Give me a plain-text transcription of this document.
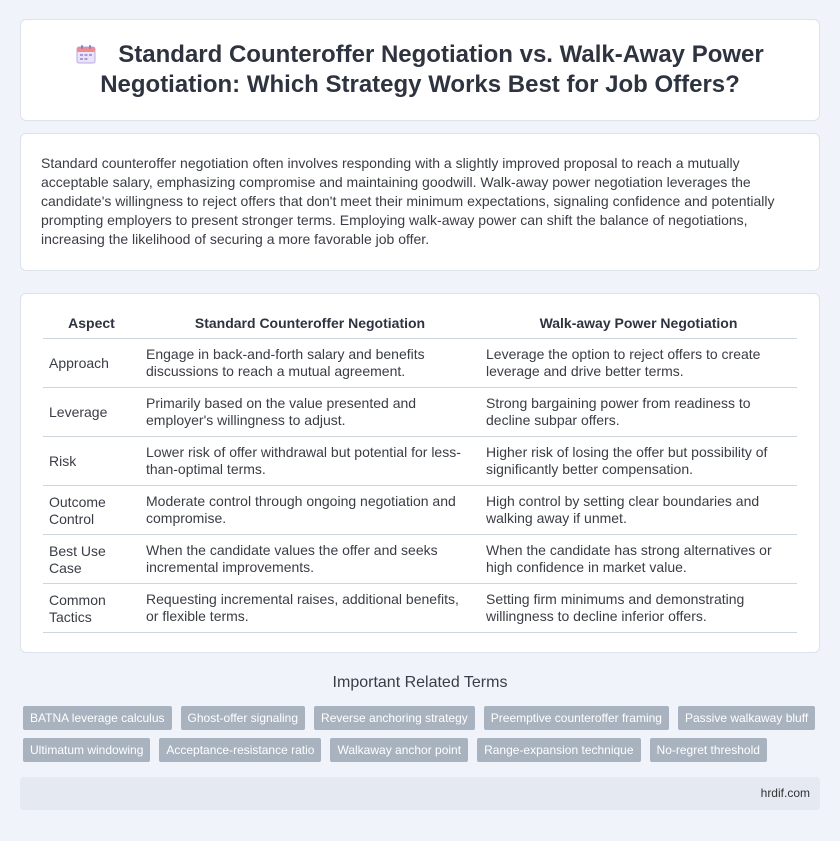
Standard Counteroffer Negotiation vs. Walk-Away Power Negotiation: Which Strategy Works Best for Job Offers?

Standard counteroffer negotiation often involves responding with a slightly improved proposal to reach a mutually acceptable salary, emphasizing compromise and maintaining goodwill. Walk-away power negotiation leverages the candidate's willingness to reject offers that don't meet their minimum expectations, signaling confidence and potentially prompting employers to present stronger terms. Employing walk-away power can shift the balance of negotiations, increasing the likelihood of securing a more favorable job offer.

Aspect	Standard Counteroffer Negotiation	Walk-away Power Negotiation
Approach	Engage in back-and-forth salary and benefits discussions to reach a mutual agreement.	Leverage the option to reject offers to create leverage and drive better terms.
Leverage	Primarily based on the value presented and employer's willingness to adjust.	Strong bargaining power from readiness to decline subpar offers.
Risk	Lower risk of offer withdrawal but potential for less-than-optimal terms.	Higher risk of losing the offer but possibility of significantly better compensation.
Outcome Control	Moderate control through ongoing negotiation and compromise.	High control by setting clear boundaries and walking away if unmet.
Best Use Case	When the candidate values the offer and seeks incremental improvements.	When the candidate has strong alternatives or high confidence in market value.
Common Tactics	Requesting incremental raises, additional benefits, or flexible terms.	Setting firm minimums and demonstrating willingness to decline inferior offers.
Important Related Terms
BATNA leverage calculus	Ghost-offer signaling	Reverse anchoring strategy	Preemptive counteroffer framing	Passive walkaway bluff
Ultimatum windowing	Acceptance-resistance ratio	Walkaway anchor point	Range-expansion technique	No-regret threshold
hrdif.com
